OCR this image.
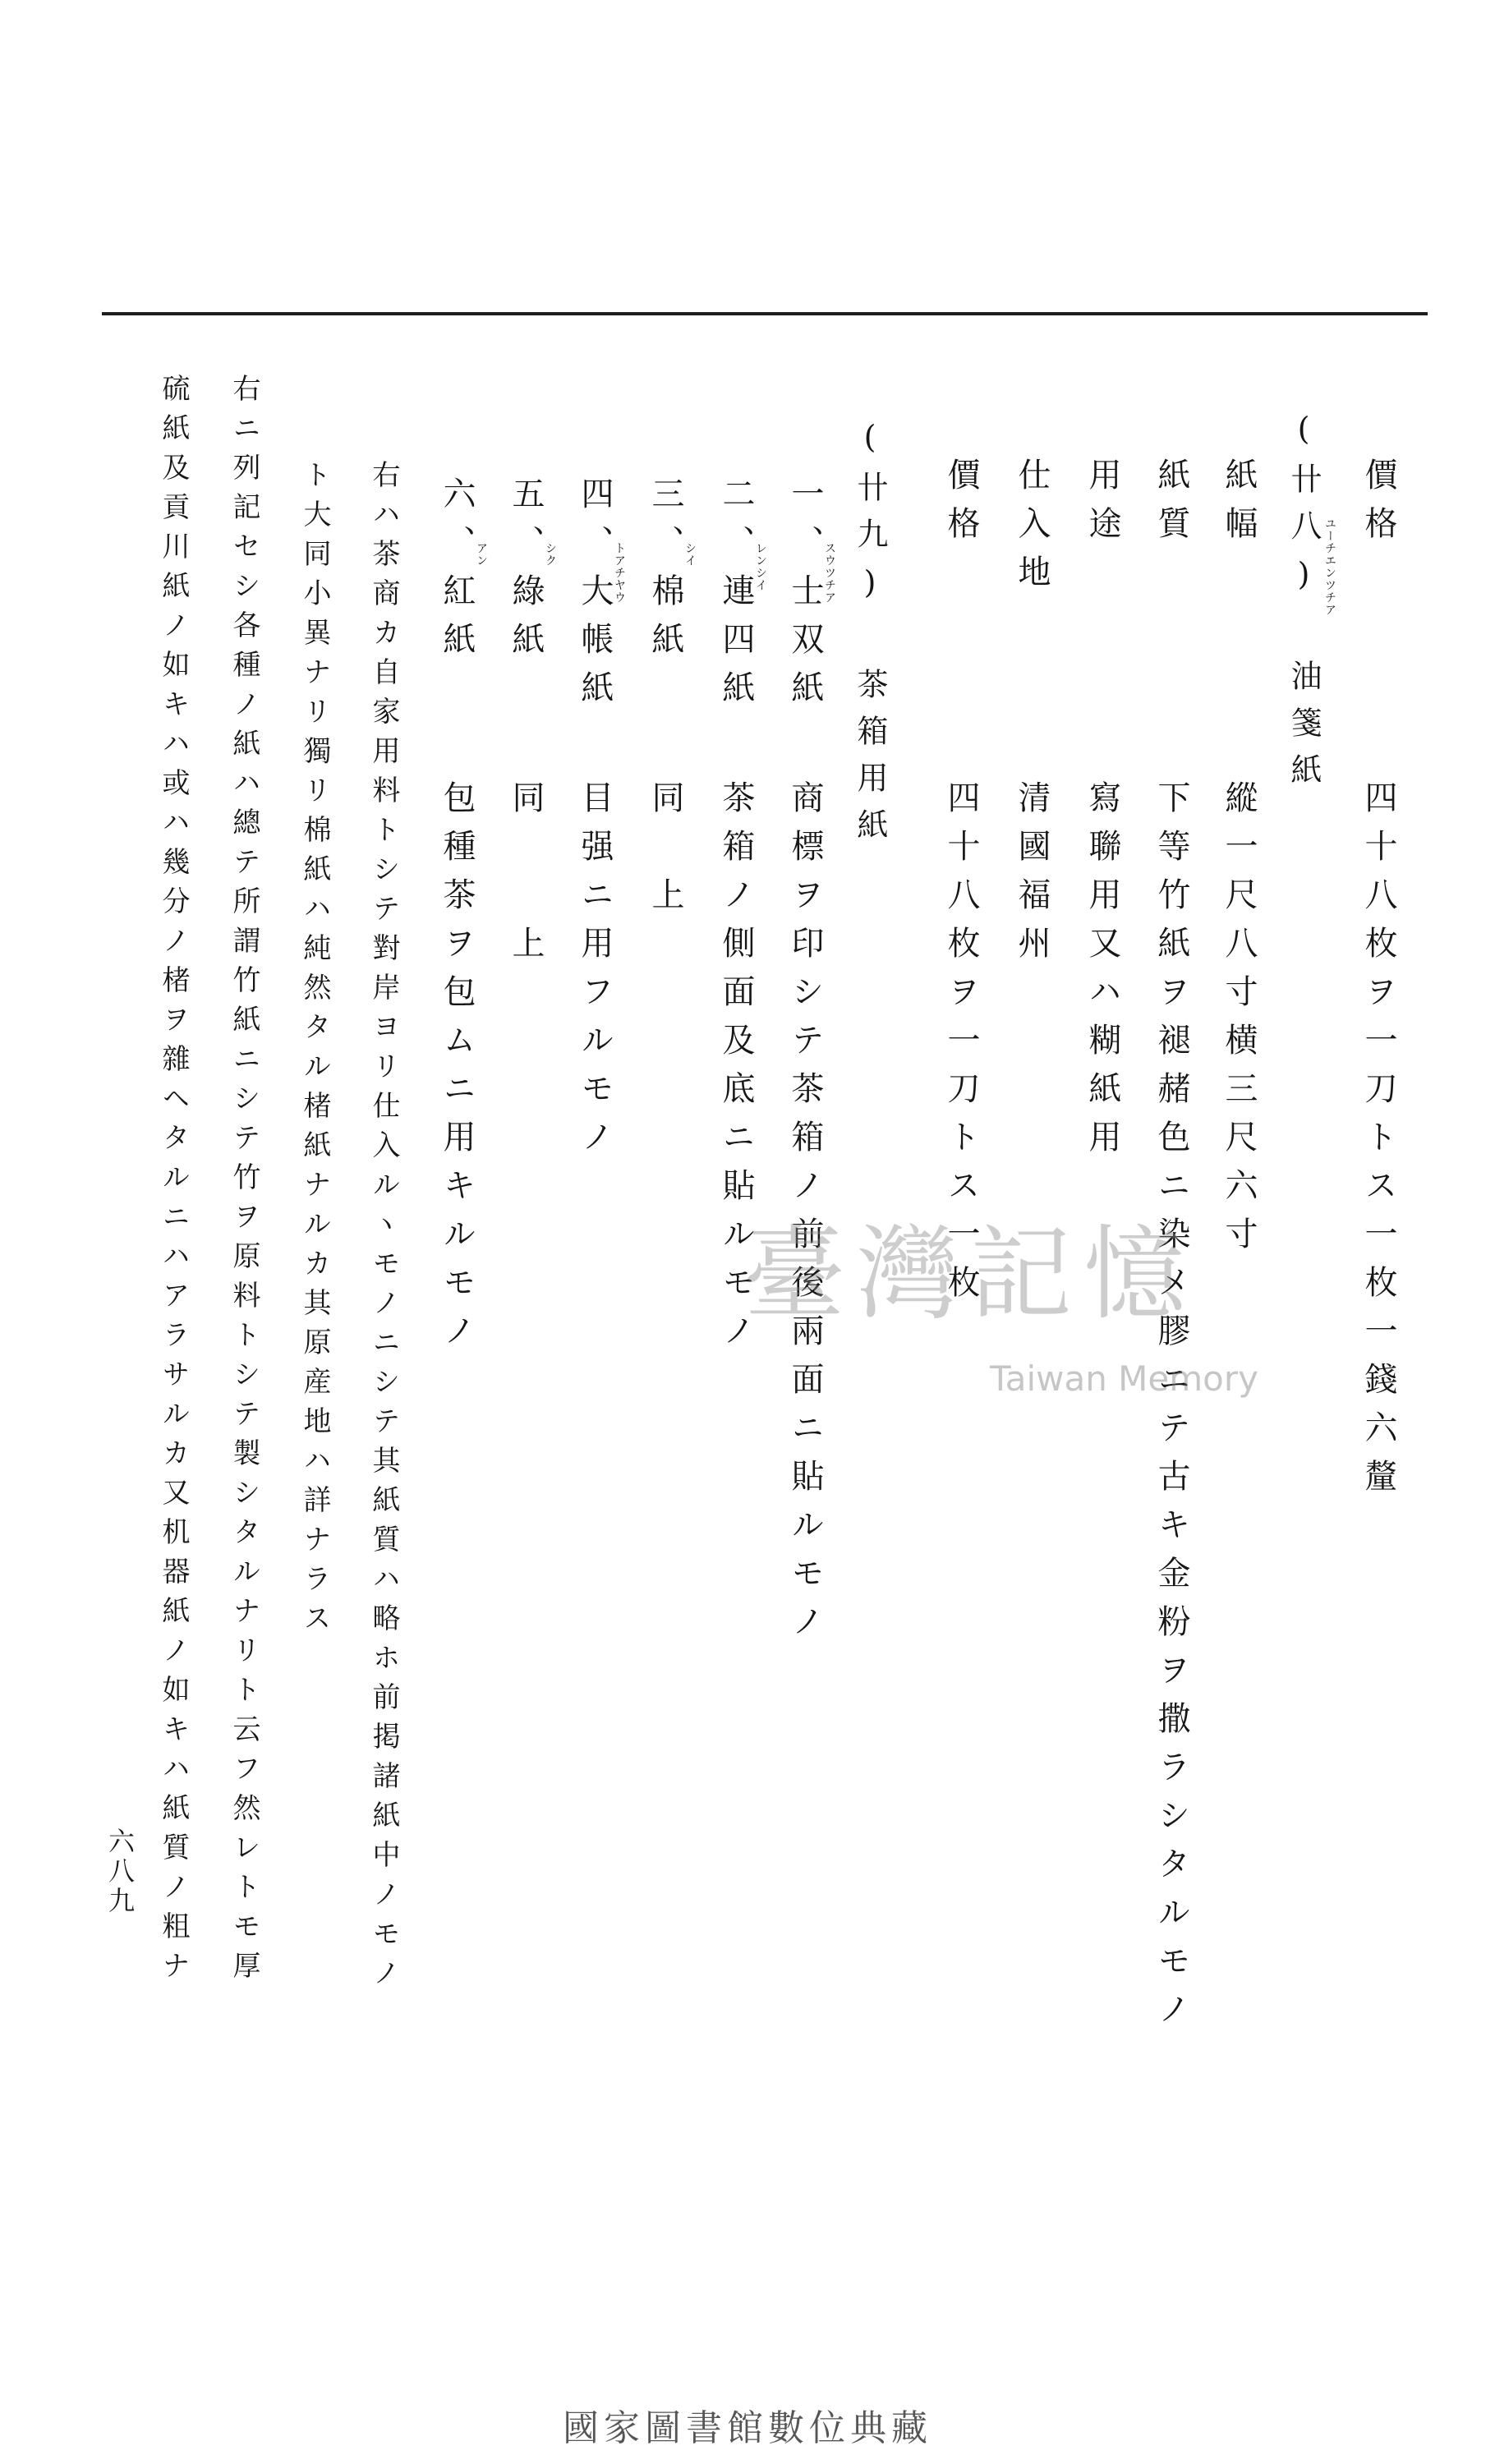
價格
四十八枚ヲ一刀トス一枚一錢六釐
(卄八) 油箋紙 ユーチエンツチア
紙幅
縱一尺八寸横三尺六寸
紙質
下等竹紙ヲ褪赭色ニ染メ膠ニテ古キ金粉ヲ撒ラシタルモノ
用途
寫聯用又ハ糊紙用
仕入地
清國福州
價格
四十八枚ヲ一刀トス一枚
(卄九) 茶箱用紙
一、士双紙 スウツチア
商標ヲ印シテ茶箱ノ前後兩面ニ貼ルモノ
二、連四紙 レンシイ
茶箱ノ側面及底ニ貼ルモノ
三、棉紙 シイ
同　上
四、大帳紙 トアチヤウ
目强ニ用フルモノ
五、綠紙 シク
同　　上
六、紅紙 アン
包種茶ヲ包ムニ用キルモノ
右ハ茶商カ自家用料トシテ對岸ヨリ仕入ルヽモノニシテ其紙質ハ略ホ前掲諸紙中ノモノ
ト大同小異ナリ獨リ棉紙ハ純然タル楮紙ナルカ其原産地ハ詳ナラス
右ニ列記セシ各種ノ紙ハ總テ所謂竹紙ニシテ竹ヲ原料トシテ製シタルナリト云フ然レトモ厚
硫紙及貢川紙ノ如キハ或ハ幾分ノ楮ヲ雜ヘタルニハアラサルカ又机器紙ノ如キハ紙質ノ粗ナ
六八九
臺灣記憶
Taiwan Memory
國家圖書館數位典藏
